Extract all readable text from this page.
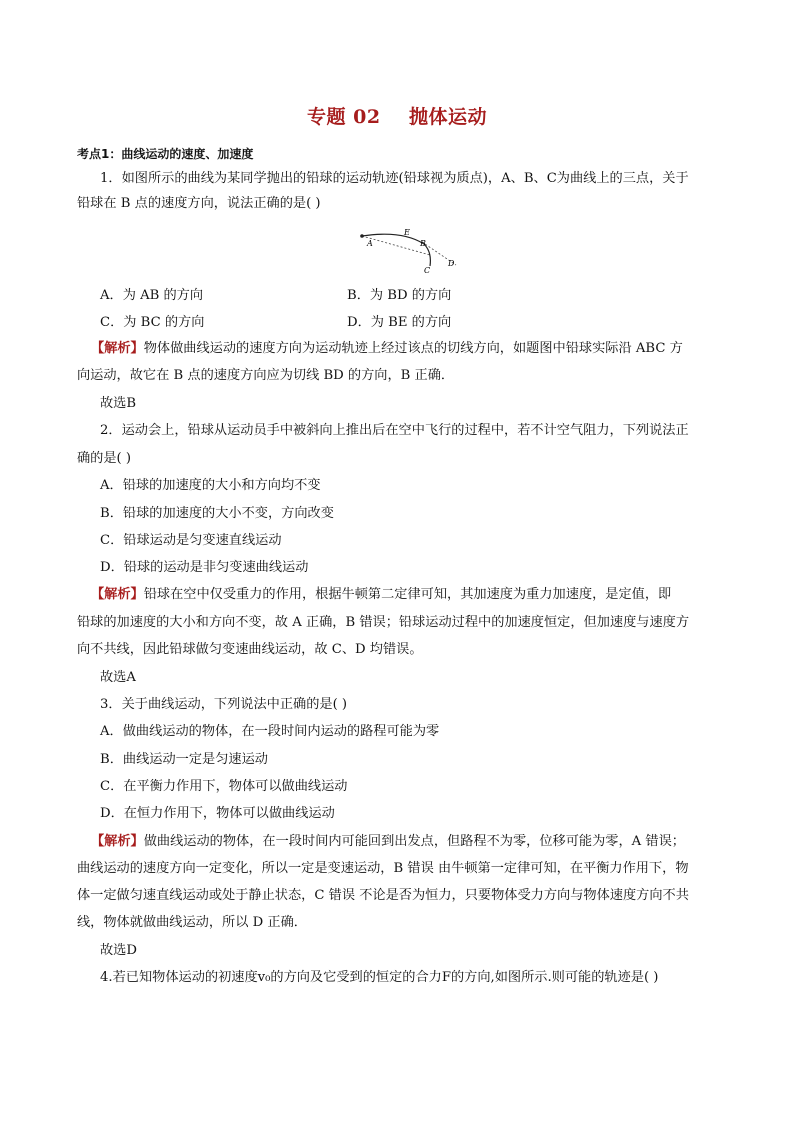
专题 02    抛体运动
考点1：曲线运动的速度、加速度
1．如图所示的曲线为某同学抛出的铅球的运动轨迹(铅球视为质点)，A、B、C为曲线上的三点，关于
铅球在 B 点的速度方向，说法正确的是( )
A
E
B
C
D
A．为 AB 的方向	B．为 BD 的方向
C．为 BC 的方向	D．为 BE 的方向
【解析】物体做曲线运动的速度方向为运动轨迹上经过该点的切线方向，如题图中铅球实际沿 ABC 方
向运动，故它在 B 点的速度方向应为切线 BD 的方向，B 正确．
故选B
2．运动会上，铅球从运动员手中被斜向上推出后在空中飞行的过程中，若不计空气阻力，下列说法正
确的是( )
A．铅球的加速度的大小和方向均不变
B．铅球的加速度的大小不变，方向改变
C．铅球运动是匀变速直线运动
D．铅球的运动是非匀变速曲线运动
【解析】铅球在空中仅受重力的作用，根据牛顿第二定律可知，其加速度为重力加速度，是定值，即
铅球的加速度的大小和方向不变，故 A 正确，B 错误；铅球运动过程中的加速度恒定，但加速度与速度方
向不共线，因此铅球做匀变速曲线运动，故 C、D 均错误。
故选A
3．关于曲线运动，下列说法中正确的是( )
A．做曲线运动的物体，在一段时间内运动的路程可能为零
B．曲线运动一定是匀速运动
C．在平衡力作用下，物体可以做曲线运动
D．在恒力作用下，物体可以做曲线运动
【解析】做曲线运动的物体，在一段时间内可能回到出发点，但路程不为零，位移可能为零，A 错误；
曲线运动的速度方向一定变化，所以一定是变速运动，B 错误 由牛顿第一定律可知，在平衡力作用下，物
体一定做匀速直线运动或处于静止状态，C 错误 不论是否为恒力，只要物体受力方向与物体速度方向不共
线，物体就做曲线运动，所以 D 正确．
故选D
4.若已知物体运动的初速度v₀的方向及它受到的恒定的合力F的方向,如图所示.则可能的轨迹是( )
